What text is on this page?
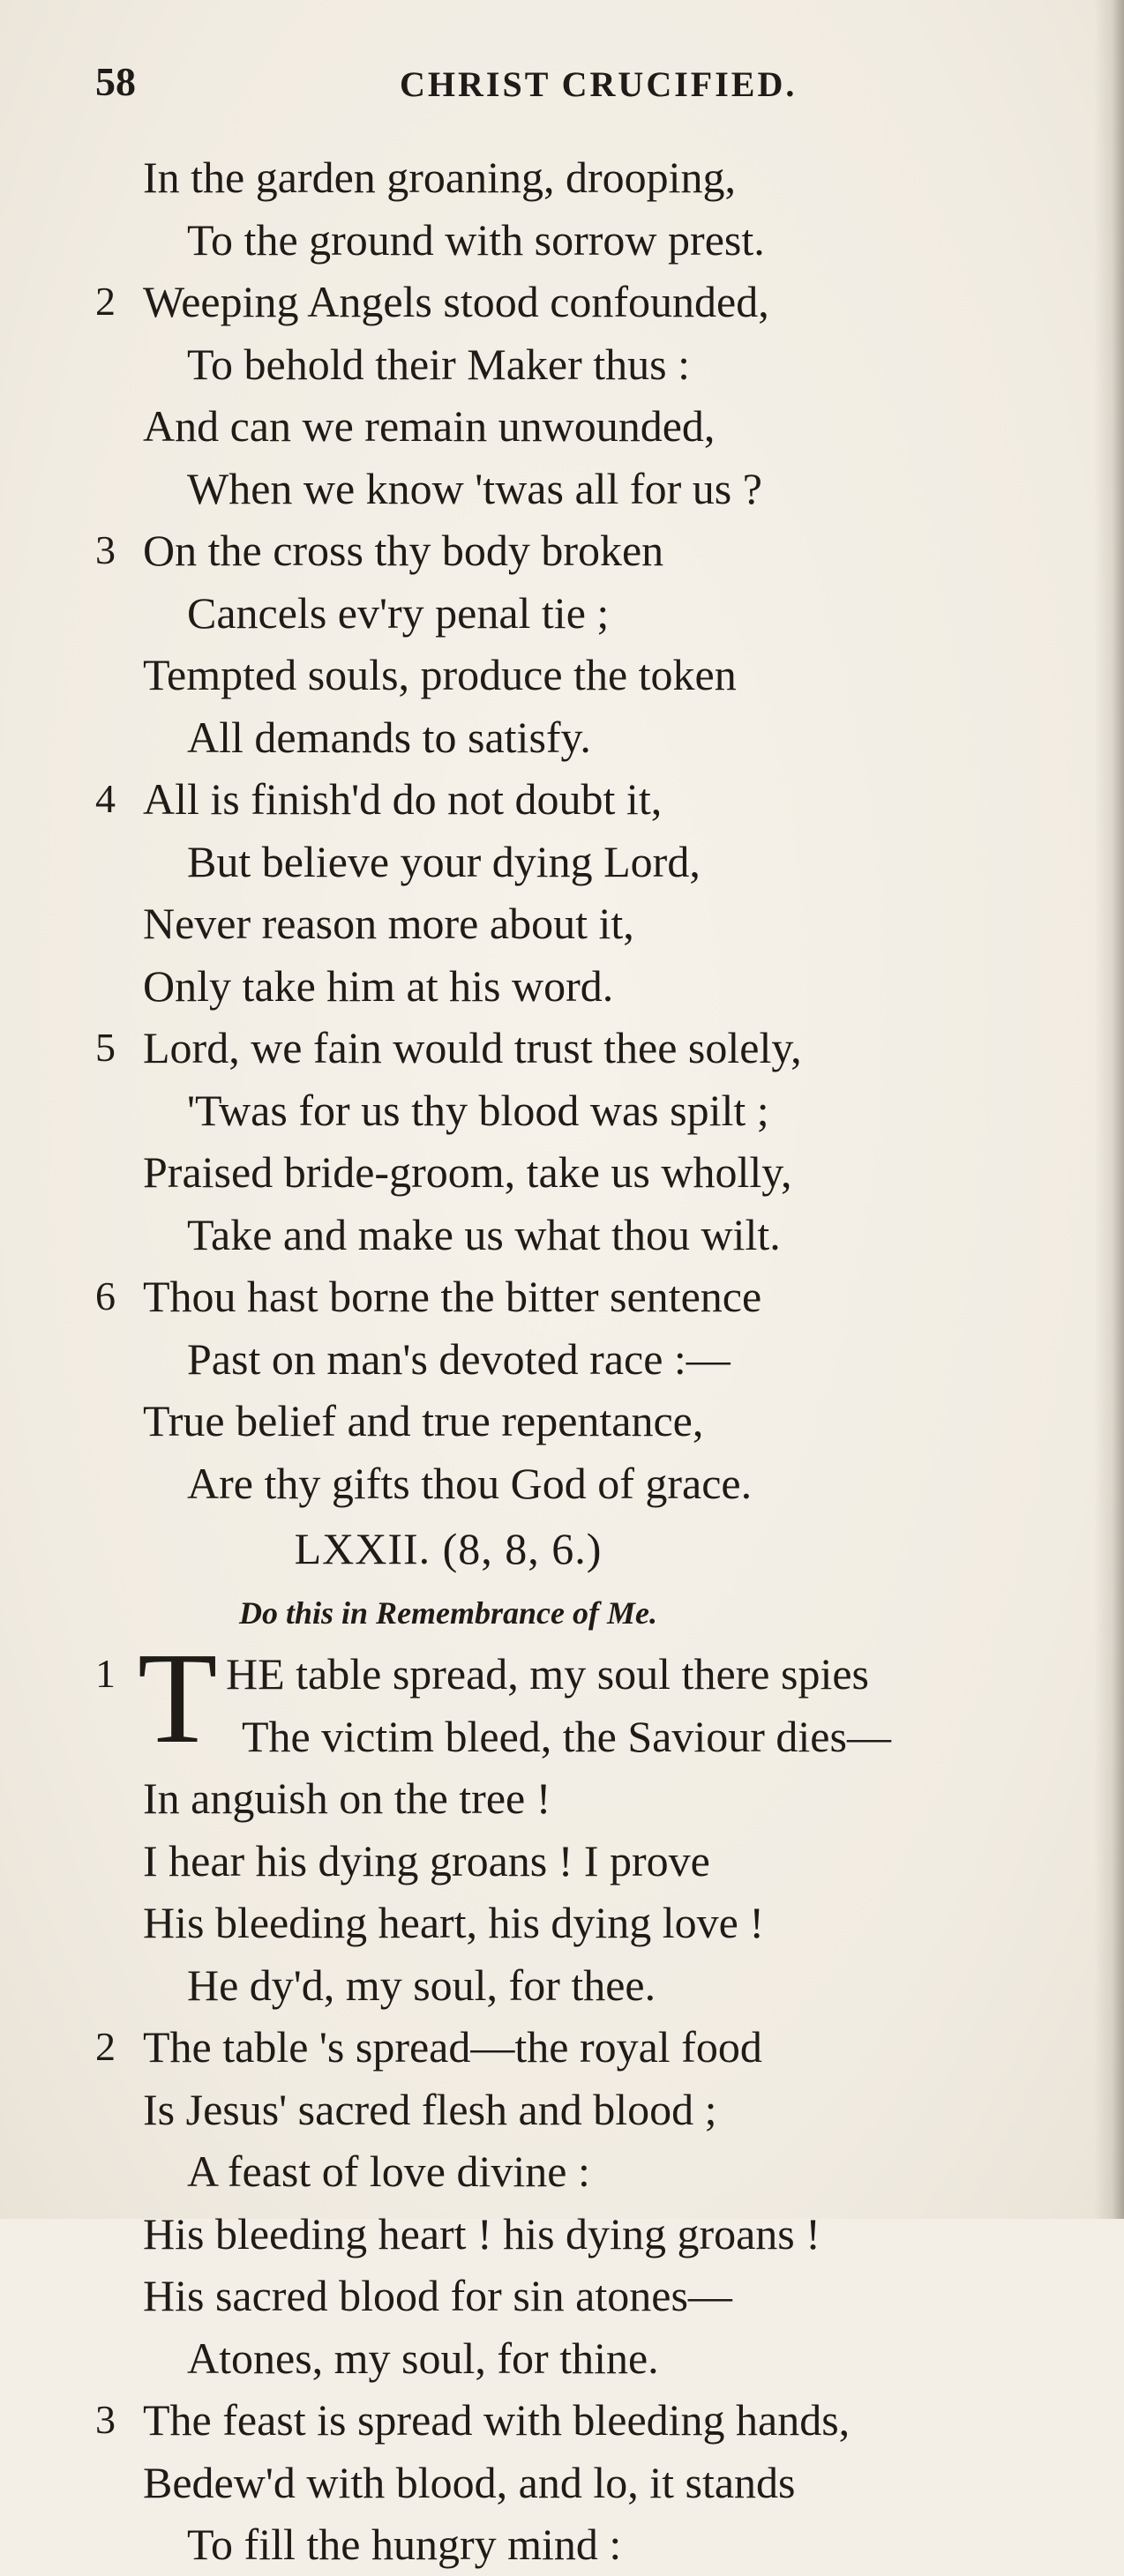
58	CHRIST CRUCIFIED.
In the garden groaning, drooping,
To the ground with sorrow prest.
2 Weeping Angels stood confounded,
To behold their Maker thus :
And can we remain unwounded,
When we know 'twas all for us ?
3 On the cross thy body broken
Cancels ev'ry penal tie ;
Tempted souls, produce the token
All demands to satisfy.
4 All is finish'd do not doubt it,
But believe your dying Lord,
Never reason more about it,
Only take him at his word.
5 Lord, we fain would trust thee solely,
'Twas for us thy blood was spilt ;
Praised bride-groom, take us wholly,
Take and make us what thou wilt.
6 Thou hast borne the bitter sentence
Past on man's devoted race :—
True belief and true repentance,
Are thy gifts thou God of grace.
LXXII. (8, 8, 6.)
Do this in Remembrance of Me.
1 T HE table spread, my soul there spies
The victim bleed, the Saviour dies—
In anguish on the tree !
I hear his dying groans ! I prove
His bleeding heart, his dying love !
He dy'd, my soul, for thee.
2 The table 's spread—the royal food
Is Jesus' sacred flesh and blood ;
A feast of love divine :
His bleeding heart ! his dying groans !
His sacred blood for sin atones—
Atones, my soul, for thine.
3 The feast is spread with bleeding hands,
Bedew'd with blood, and lo, it stands
To fill the hungry mind :
